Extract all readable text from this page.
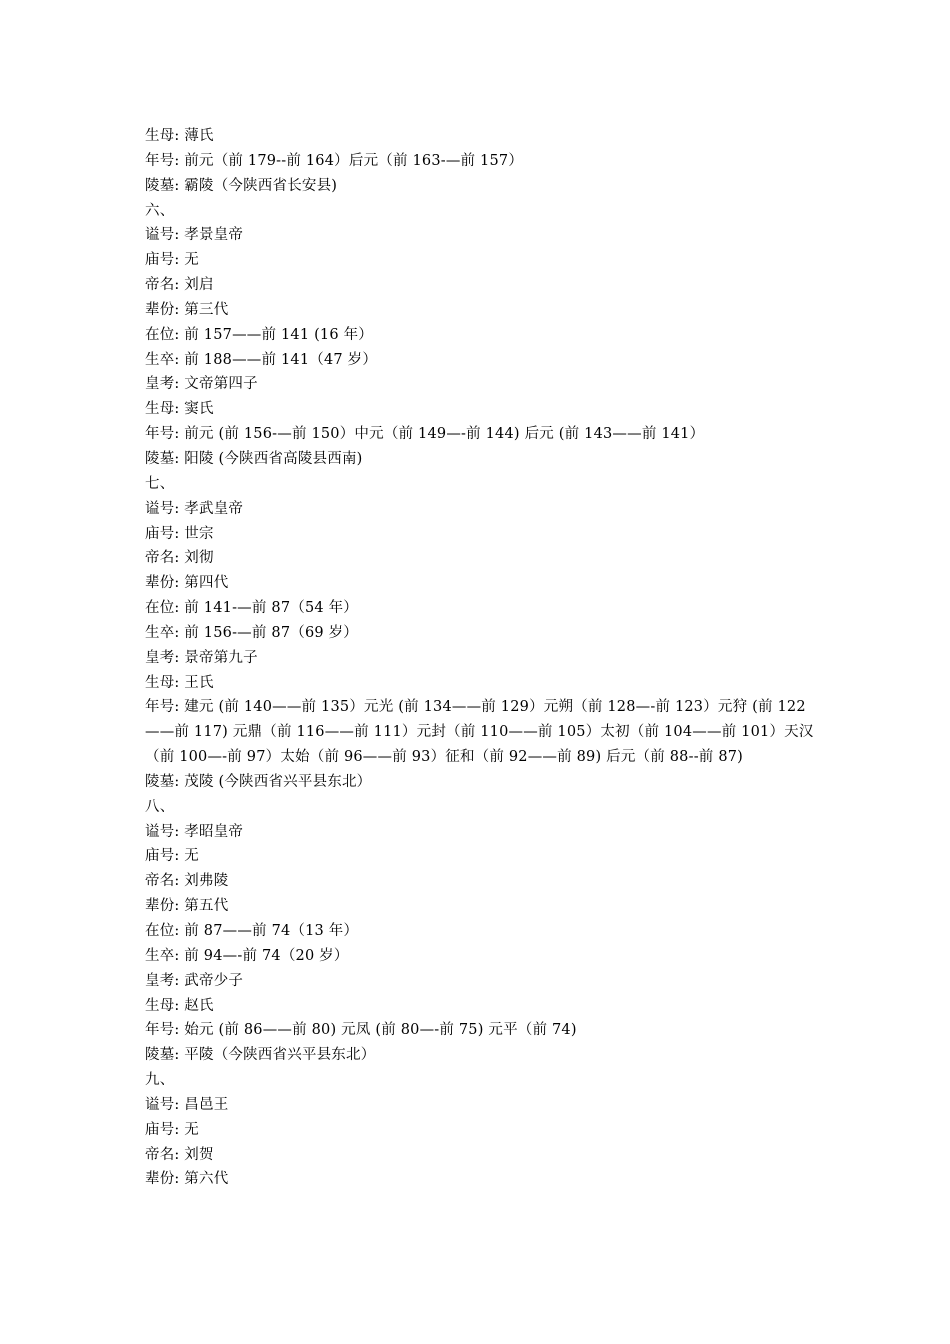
生母: 薄氏
年号: 前元（前 179--前 164）后元（前 163-—前 157）
陵墓: 霸陵（今陕西省长安县)
六、
谥号: 孝景皇帝
庙号: 无
帝名: 刘启
辈份: 第三代
在位: 前 157——前 141 (16 年）
生卒: 前 188——前 141（47 岁）
皇考: 文帝第四子
生母: 窦氏
年号: 前元 (前 156-—前 150）中元（前 149—-前 144) 后元 (前 143——前 141）
陵墓: 阳陵 (今陕西省高陵县西南)
七、
谥号: 孝武皇帝
庙号: 世宗
帝名: 刘彻
辈份: 第四代
在位: 前 141-—前 87（54 年）
生卒: 前 156-—前 87（69 岁）
皇考: 景帝第九子
生母: 王氏
年号: 建元 (前 140——前 135）元光 (前 134——前 129）元朔（前 128—-前 123）元狩 (前 122——前 117) 元鼎（前 116——前 111）元封（前 110——前 105）太初（前 104——前 101）天汉（前 100—-前 97）太始（前 96——前 93）征和（前 92——前 89) 后元（前 88--前 87)
陵墓: 茂陵 (今陕西省兴平县东北）
八、
谥号: 孝昭皇帝
庙号: 无
帝名: 刘弗陵
辈份: 第五代
在位: 前 87——前 74（13 年）
生卒: 前 94—-前 74（20 岁）
皇考: 武帝少子
生母: 赵氏
年号: 始元 (前 86——前 80) 元凤 (前 80—-前 75) 元平（前 74)
陵墓: 平陵（今陕西省兴平县东北）
九、
谥号: 昌邑王
庙号: 无
帝名: 刘贺
辈份: 第六代
